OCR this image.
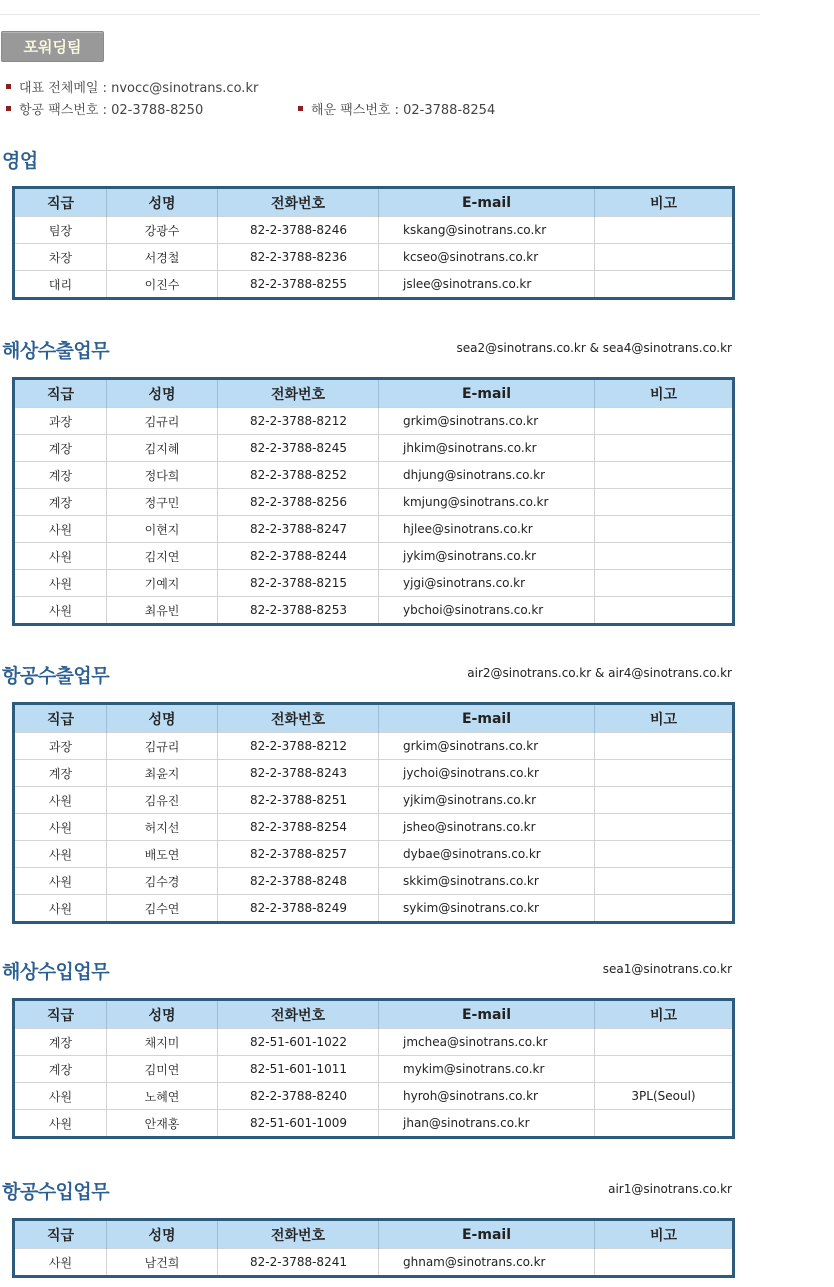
포워딩팀
대표 전체메일 : nvocc@sinotrans.co.kr
항공 팩스번호 : 02-3788-8250	해운 팩스번호 : 02-3788-8254
영업
직급	성명	전화번호	E-mail	비고
팀장	강광수	82-2-3788-8246	kskang@sinotrans.co.kr	
차장	서경철	82-2-3788-8236	kcseo@sinotrans.co.kr	
대리	이진수	82-2-3788-8255	jslee@sinotrans.co.kr	
해상수출업무	sea2@sinotrans.co.kr & sea4@sinotrans.co.kr
직급	성명	전화번호	E-mail	비고
과장	김규리	82-2-3788-8212	grkim@sinotrans.co.kr	
계장	김지혜	82-2-3788-8245	jhkim@sinotrans.co.kr	
계장	정다희	82-2-3788-8252	dhjung@sinotrans.co.kr	
계장	정구민	82-2-3788-8256	kmjung@sinotrans.co.kr	
사원	이현지	82-2-3788-8247	hjlee@sinotrans.co.kr	
사원	김지연	82-2-3788-8244	jykim@sinotrans.co.kr	
사원	기예지	82-2-3788-8215	yjgi@sinotrans.co.kr	
사원	최유빈	82-2-3788-8253	ybchoi@sinotrans.co.kr	
항공수출업무	air2@sinotrans.co.kr & air4@sinotrans.co.kr
직급	성명	전화번호	E-mail	비고
과장	김규리	82-2-3788-8212	grkim@sinotrans.co.kr	
계장	최윤지	82-2-3788-8243	jychoi@sinotrans.co.kr	
사원	김유진	82-2-3788-8251	yjkim@sinotrans.co.kr	
사원	허지선	82-2-3788-8254	jsheo@sinotrans.co.kr	
사원	배도연	82-2-3788-8257	dybae@sinotrans.co.kr	
사원	김수경	82-2-3788-8248	skkim@sinotrans.co.kr	
사원	김수연	82-2-3788-8249	sykim@sinotrans.co.kr	
해상수입업무	sea1@sinotrans.co.kr
직급	성명	전화번호	E-mail	비고
계장	채지미	82-51-601-1022	jmchea@sinotrans.co.kr	
계장	김미연	82-51-601-1011	mykim@sinotrans.co.kr	
사원	노혜연	82-2-3788-8240	hyroh@sinotrans.co.kr	3PL(Seoul)
사원	안재홍	82-51-601-1009	jhan@sinotrans.co.kr	
항공수입업무	air1@sinotrans.co.kr
직급	성명	전화번호	E-mail	비고
사원	남건희	82-2-3788-8241	ghnam@sinotrans.co.kr	
